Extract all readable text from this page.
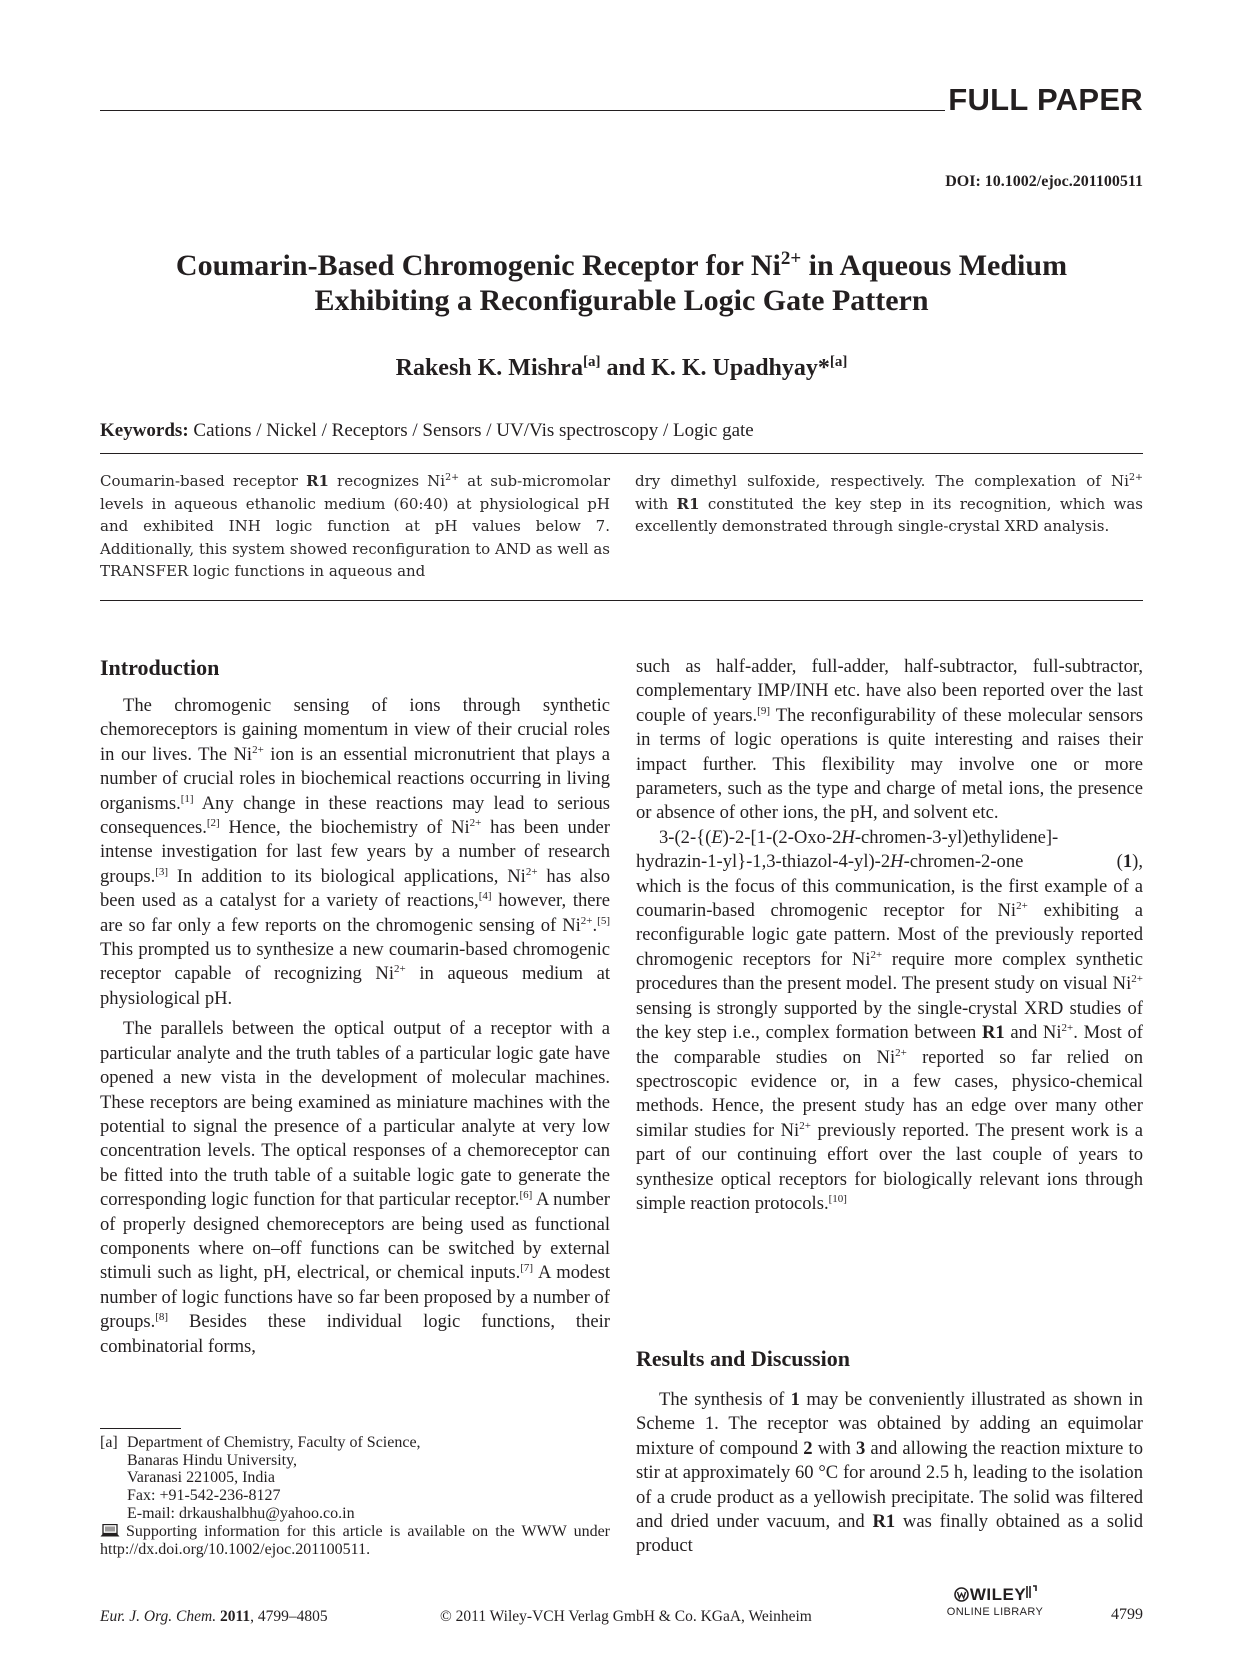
FULL PAPER
DOI: 10.1002/ejoc.201100511
Coumarin-Based Chromogenic Receptor for $Ni^{2+}$ in Aqueous Medium
Exhibiting a Reconfigurable Logic Gate Pattern
Rakesh K. Mishra[a] and K. K. Upadhyay*[a]
Keywords: Cations / Nickel / Receptors / Sensors / UV/Vis spectroscopy / Logic gate
Coumarin-based receptor R1 recognizes $Ni^{2+}$ at sub-micromolar levels in aqueous ethanolic medium (60:40) at physiological pH and exhibited INH logic function at pH values below 7. Additionally, this system showed reconfiguration to AND as well as TRANSFER logic functions in aqueous and
dry dimethyl sulfoxide, respectively. The complexation of $Ni^{2+}$ with R1 constituted the key step in its recognition, which was excellently demonstrated through single-crystal XRD analysis.
Introduction

The chromogenic sensing of ions through synthetic chemoreceptors is gaining momentum in view of their crucial roles in our lives. The $Ni^{2+}$ ion is an essential micronutrient that plays a number of crucial roles in biochemical reactions occurring in living organisms.[1] Any change in these reactions may lead to serious consequences.[2] Hence, the biochemistry of $Ni^{2+}$ has been under intense investigation for last few years by a number of research groups.[3] In addition to its biological applications, $Ni^{2+}$ has also been used as a catalyst for a variety of reactions,[4] however, there are so far only a few reports on the chromogenic sensing of $Ni^{2+}.[5]$ This prompted us to synthesize a new coumarin-based chromogenic receptor capable of recognizing $Ni^{2+}$ in aqueous medium at physiological pH.

The parallels between the optical output of a receptor with a particular analyte and the truth tables of a particular logic gate have opened a new vista in the development of molecular machines. These receptors are being examined as miniature machines with the potential to signal the presence of a particular analyte at very low concentration levels. The optical responses of a chemoreceptor can be fitted into the truth table of a suitable logic gate to generate the corresponding logic function for that particular receptor.[6] A number of properly designed chemoreceptors are being used as functional components where on–off functions can be switched by external stimuli such as light, pH, electrical, or chemical inputs.[7] A modest number of logic functions have so far been proposed by a number of groups.[8] Besides these individual logic functions, their combinatorial forms,

such as half-adder, full-adder, half-subtractor, full-subtractor, complementary IMP/INH etc. have also been reported over the last couple of years.[9] The reconfigurability of these molecular sensors in terms of logic operations is quite interesting and raises their impact further. This flexibility may involve one or more parameters, such as the type and charge of metal ions, the presence or absence of other ions, the pH, and solvent etc.

3-(2-{(E)-2-[1-(2-Oxo-2H-chromen-3-yl)ethylidene]-
hydrazin-1-yl}-1,3-thiazol-4-yl)-2H-chromen-2-one	(1),
which is the focus of this communication, is the first example of a coumarin-based chromogenic receptor for $Ni^{2+}$ exhibiting a reconfigurable logic gate pattern. Most of the previously reported chromogenic receptors for $Ni^{2+}$ require more complex synthetic procedures than the present model. The present study on visual $Ni^{2+}$ sensing is strongly supported by the single-crystal XRD studies of the key step i.e., complex formation between R1 and $Ni^{2+}$. Most of the comparable studies on $Ni^{2+}$ reported so far relied on spectroscopic evidence or, in a few cases, physico-chemical methods. Hence, the present study has an edge over many other similar studies for $Ni^{2+}$ previously reported. The present work is a part of our continuing effort over the last couple of years to synthesize optical receptors for biologically relevant ions through simple reaction protocols.[10]

Results and Discussion

The synthesis of 1 may be conveniently illustrated as shown in Scheme 1. The receptor was obtained by adding an equimolar mixture of compound 2 with 3 and allowing the reaction mixture to stir at approximately 60 °C for around 2.5 h, leading to the isolation of a crude product as a yellowish precipitate. The solid was filtered and dried under vacuum, and R1 was finally obtained as a solid product

[a] Department of Chemistry, Faculty of Science,
Banaras Hindu University,
Varanasi 221005, India
Fax: +91-542-236-8127
E-mail: drkaushalbhu@yahoo.co.in
Supporting information for this article is available on the WWW under http://dx.doi.org/10.1002/ejoc.201100511.
Eur. J. Org. Chem. 2011, 4799–4805	© 2011 Wiley-VCH Verlag GmbH & Co. KGaA, Weinheim
WILEY
ONLINE LIBRARY	4799
